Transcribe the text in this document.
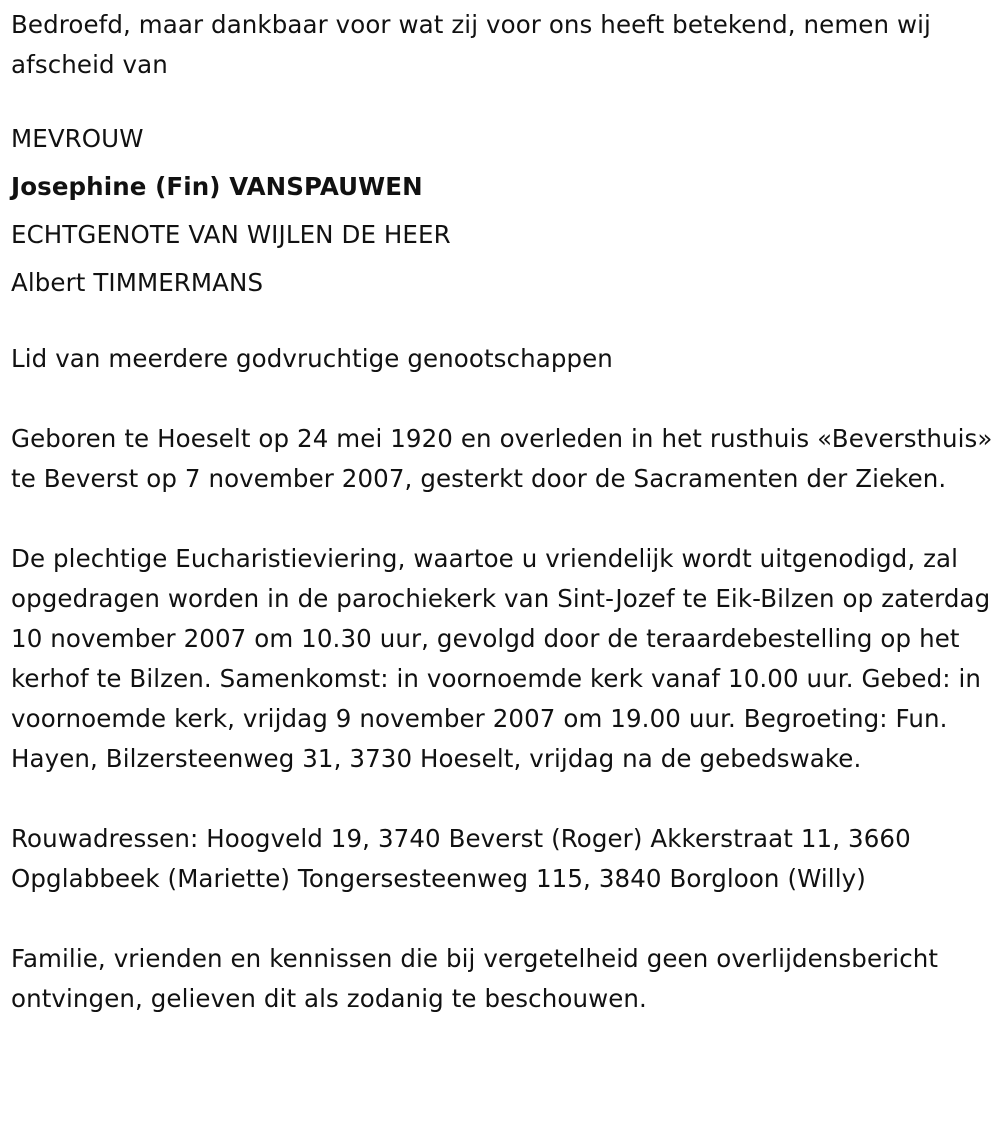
Bedroefd, maar dankbaar voor wat zij voor ons heeft betekend, nemen wij afscheid van

MEVROUW

Josephine (Fin) VANSPAUWEN

ECHTGENOTE VAN WIJLEN DE HEER

Albert TIMMERMANS

Lid van meerdere godvruchtige genootschappen

Geboren te Hoeselt op 24 mei 1920 en overleden in het rusthuis «Beversthuis» te Beverst op 7 november 2007, gesterkt door de Sacramenten der Zieken.

De plechtige Eucharistieviering, waartoe u vriendelijk wordt uitgenodigd, zal opgedragen worden in de parochiekerk van Sint-Jozef te Eik-Bilzen op zaterdag 10 november 2007 om 10.30 uur, gevolgd door de teraardebestelling op het kerhof te Bilzen. Samenkomst: in voornoemde kerk vanaf 10.00 uur. Gebed: in voornoemde kerk, vrijdag 9 november 2007 om 19.00 uur. Begroeting: Fun. Hayen, Bilzersteenweg 31, 3730 Hoeselt, vrijdag na de gebedswake.

Rouwadressen: Hoogveld 19, 3740 Beverst (Roger) Akkerstraat 11, 3660 Opglabbeek (Mariette) Tongersesteenweg 115, 3840 Borgloon (Willy)

Familie, vrienden en kennissen die bij vergetelheid geen overlijdensbericht ontvingen, gelieven dit als zodanig te beschouwen.
